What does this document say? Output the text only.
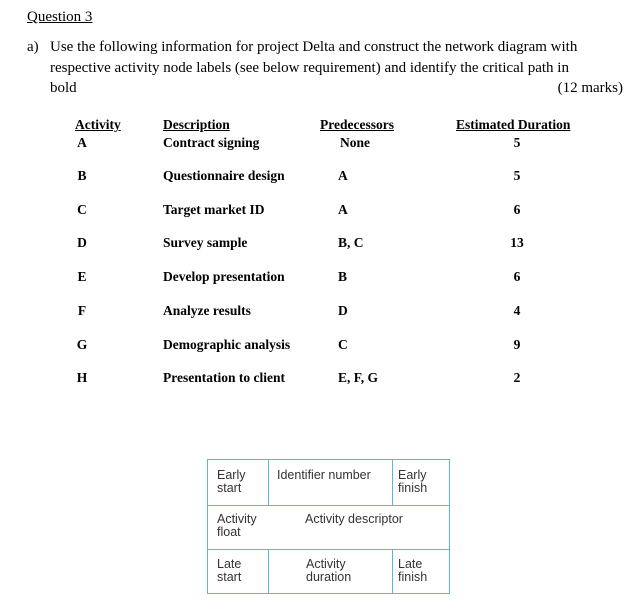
Question 3
a) Use the following information for project Delta and construct the network diagram with
respective activity node labels (see below requirement) and identify the critical path in
bold	(12 marks)
Activity	Description	Predecessors	Estimated Duration
A	Contract signing	None	5
B	Questionnaire design	A	5
C	Target market ID	A	6
D	Survey sample	B, C	13
E	Develop presentation	B	6
F	Analyze results	D	4
G	Demographic analysis	C	9
H	Presentation to client	E, F, G	2
Early
start
Identifier number Early
finish
Activity
float
Activity descriptor
Late
start
Activity
duration
Late
finish
